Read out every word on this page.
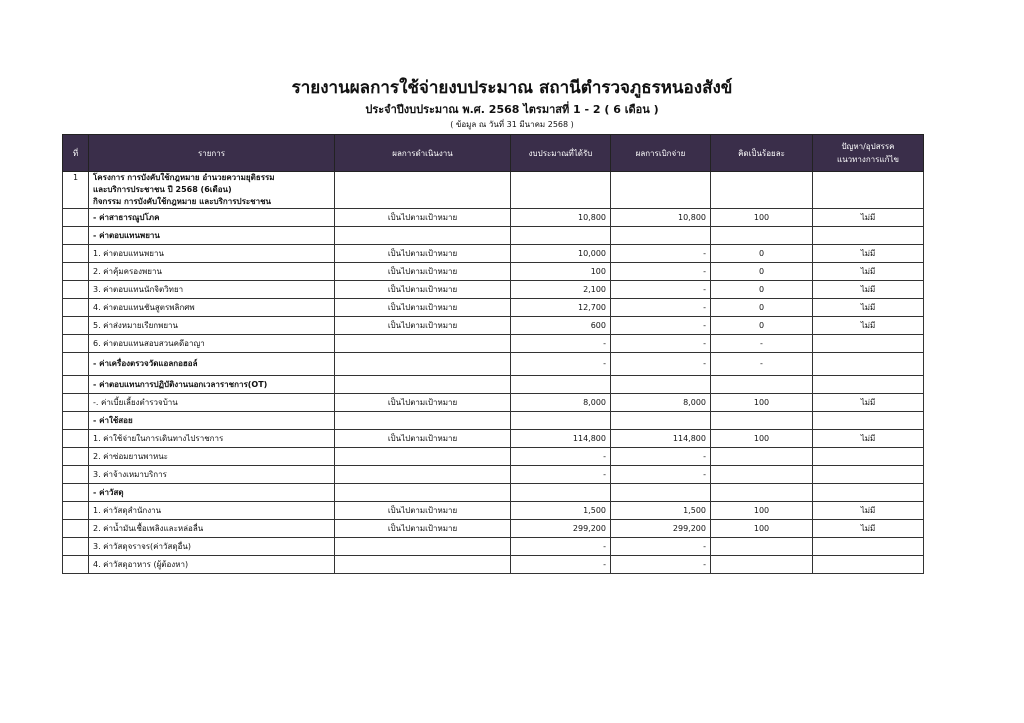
รายงานผลการใช้จ่ายงบประมาณ สถานีตำรวจภูธรหนองสังข์
ประจำปีงบประมาณ พ.ศ. 2568 ไตรมาสที่ 1 - 2 ( 6 เดือน )
( ข้อมูล ณ วันที่ 31 มีนาคม 2568 )
ที่	รายการ	ผลการดำเนินงาน	งบประมาณที่ได้รับ	ผลการเบิกจ่าย	คิดเป็นร้อยละ	ปัญหา/อุปสรรค
แนวทางการแก้ไข

1	โครงการ การบังคับใช้กฎหมาย อำนวยความยุติธรรม
และบริการประชาชน ปี 2568 (6เดือน)
กิจกรรม การบังคับใช้กฎหมาย และบริการประชาชน					

	- ค่าสาธารณูปโภค	เป็นไปตามเป้าหมาย	10,800	10,800	100	ไม่มี
	- ค่าตอบแทนพยาน					
	1. ค่าตอบแทนพยาน	เป็นไปตามเป้าหมาย	10,000	-	0	ไม่มี
	2. ค่าคุ้มครองพยาน	เป็นไปตามเป้าหมาย	100	-	0	ไม่มี
	3. ค่าตอบแทนนักจิตวิทยา	เป็นไปตามเป้าหมาย	2,100	-	0	ไม่มี
	4. ค่าตอบแทนชันสูตรพลิกศพ	เป็นไปตามเป้าหมาย	12,700	-	0	ไม่มี
	5. ค่าส่งหมายเรียกพยาน	เป็นไปตามเป้าหมาย	600	-	0	ไม่มี
	6. ค่าตอบแทนสอบสวนคดีอาญา		-	-	-	
	- ค่าเครื่องตรวจวัดแอลกอฮอล์		-	-	-	
	- ค่าตอบแทนการปฏิบัติงานนอกเวลาราชการ(OT)					
	-. ค่าเบี้ยเลี้ยงตำรวจบ้าน	เป็นไปตามเป้าหมาย	8,000	8,000	100	ไม่มี
	- ค่าใช้สอย					
	1. ค่าใช้จ่ายในการเดินทางไปราชการ	เป็นไปตามเป้าหมาย	114,800	114,800	100	ไม่มี
	2. ค่าซ่อมยานพาหนะ		-	-		
	3. ค่าจ้างเหมาบริการ		-	-		
	- ค่าวัสดุ					
	1. ค่าวัสดุสำนักงาน	เป็นไปตามเป้าหมาย	1,500	1,500	100	ไม่มี
	2. ค่าน้ำมันเชื้อเพลิงและหล่อลื่น	เป็นไปตามเป้าหมาย	299,200	299,200	100	ไม่มี
	3. ค่าวัสดุจราจร(ค่าวัสดุอื่น)		-	-		
	4. ค่าวัสดุอาหาร (ผู้ต้องหา)		-	-		
